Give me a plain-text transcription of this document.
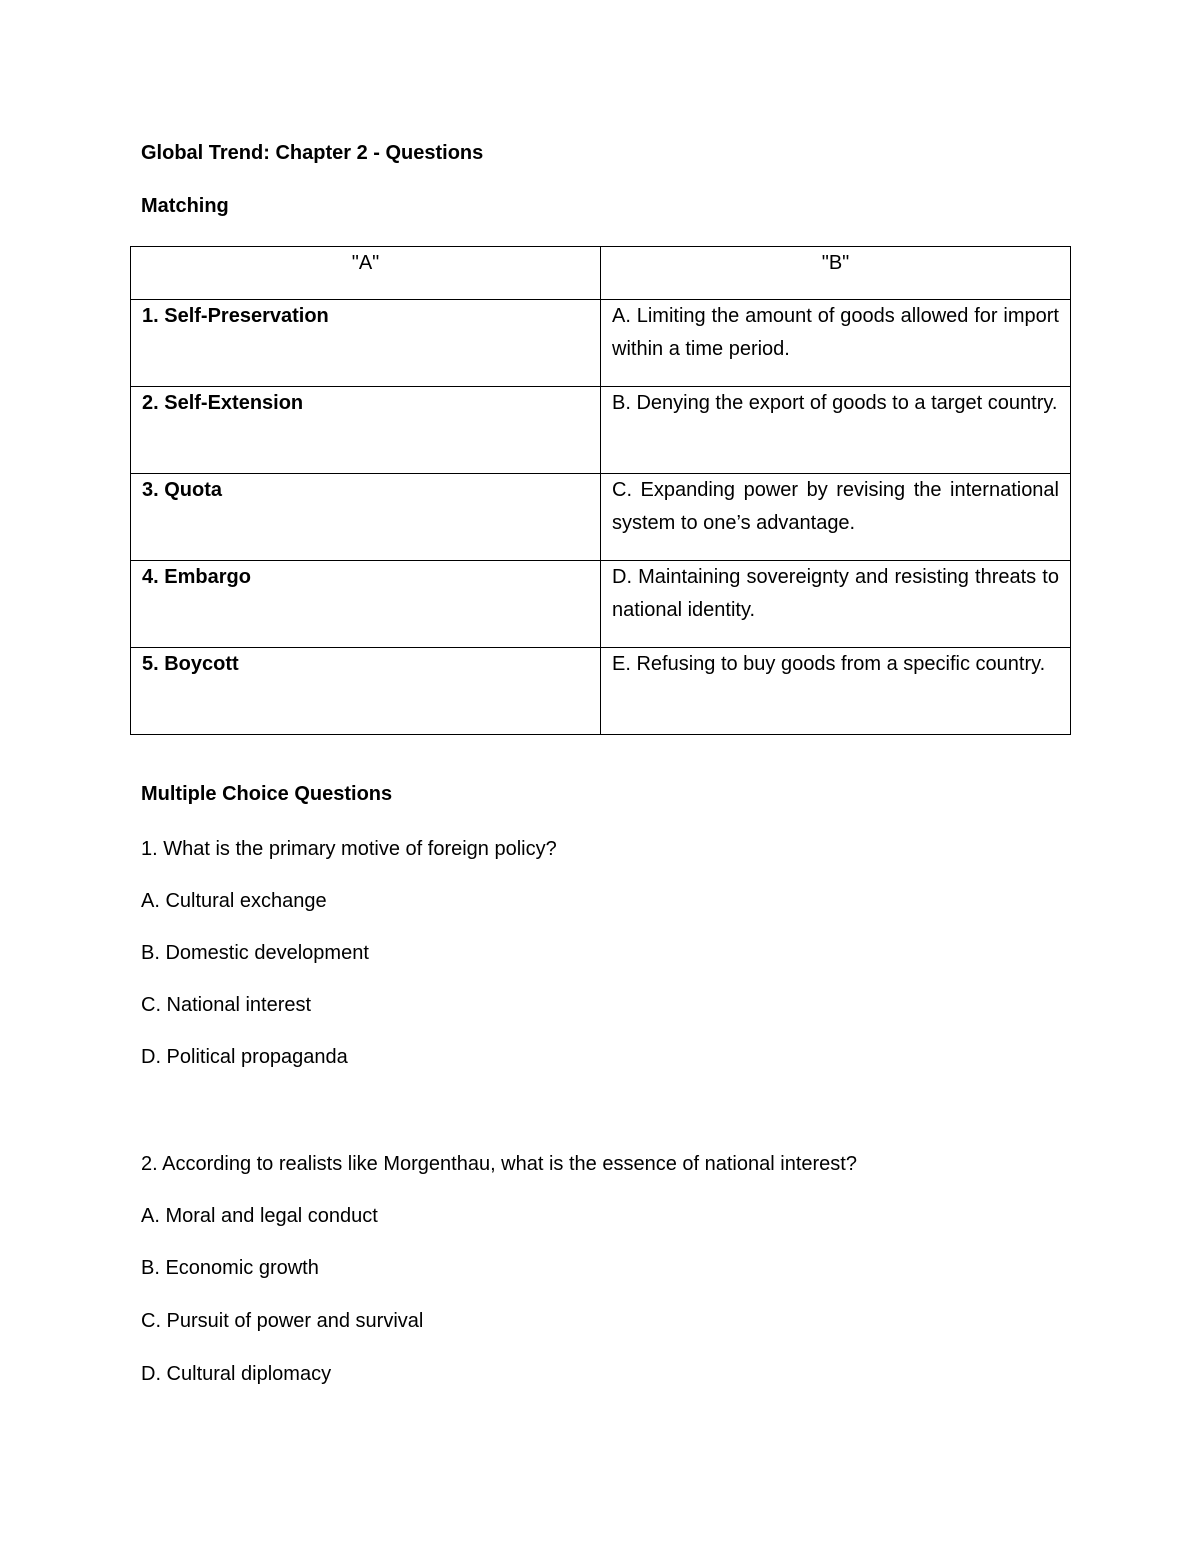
Global Trend: Chapter 2 - Questions

Matching

"A"	"B"
1. Self-Preservation	A. Limiting the amount of goods allowed for import within a time period.
2. Self-Extension	B. Denying the export of goods to a target country.
3. Quota	C. Expanding power by revising the international system to one’s advantage.
4. Embargo	D. Maintaining sovereignty and resisting threats to national identity.
5. Boycott	E. Refusing to buy goods from a specific country.

Multiple Choice Questions

1. What is the primary motive of foreign policy?

A. Cultural exchange

B. Domestic development

C. National interest

D. Political propaganda

2. According to realists like Morgenthau, what is the essence of national interest?

A. Moral and legal conduct

B. Economic growth

C. Pursuit of power and survival

D. Cultural diplomacy
